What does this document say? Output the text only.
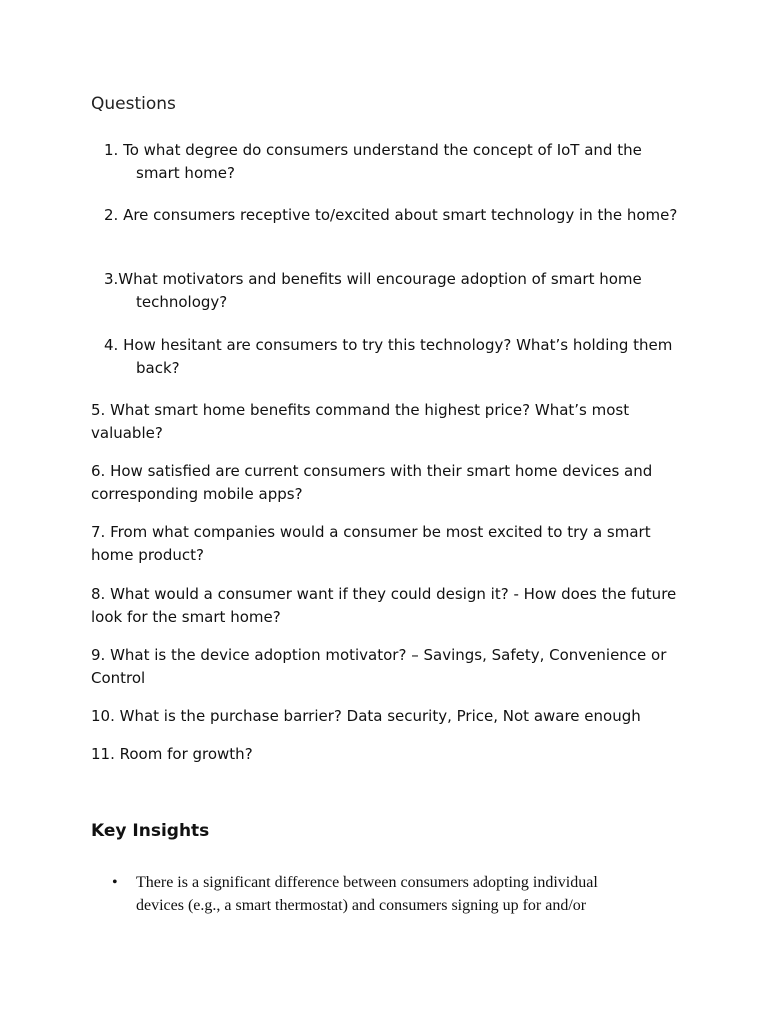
Questions
1. To what degree do consumers understand the concept of IoT and the
smart home?
2. Are consumers receptive to/excited about smart technology in the home?
3.What motivators and benefits will encourage adoption of smart home
technology?
4. How hesitant are consumers to try this technology? What’s holding them
back?
5. What smart home benefits command the highest price? What’s most
valuable?
6. How satisfied are current consumers with their smart home devices and
corresponding mobile apps?
7. From what companies would a consumer be most excited to try a smart
home product?
8. What would a consumer want if they could design it? - How does the future
look for the smart home?
9. What is the device adoption motivator? – Savings, Safety, Convenience or
Control
10. What is the purchase barrier? Data security, Price, Not aware enough
11. Room for growth?
Key Insights
• There is a significant difference between consumers adopting individual
devices (e.g., a smart thermostat) and consumers signing up for and/or
